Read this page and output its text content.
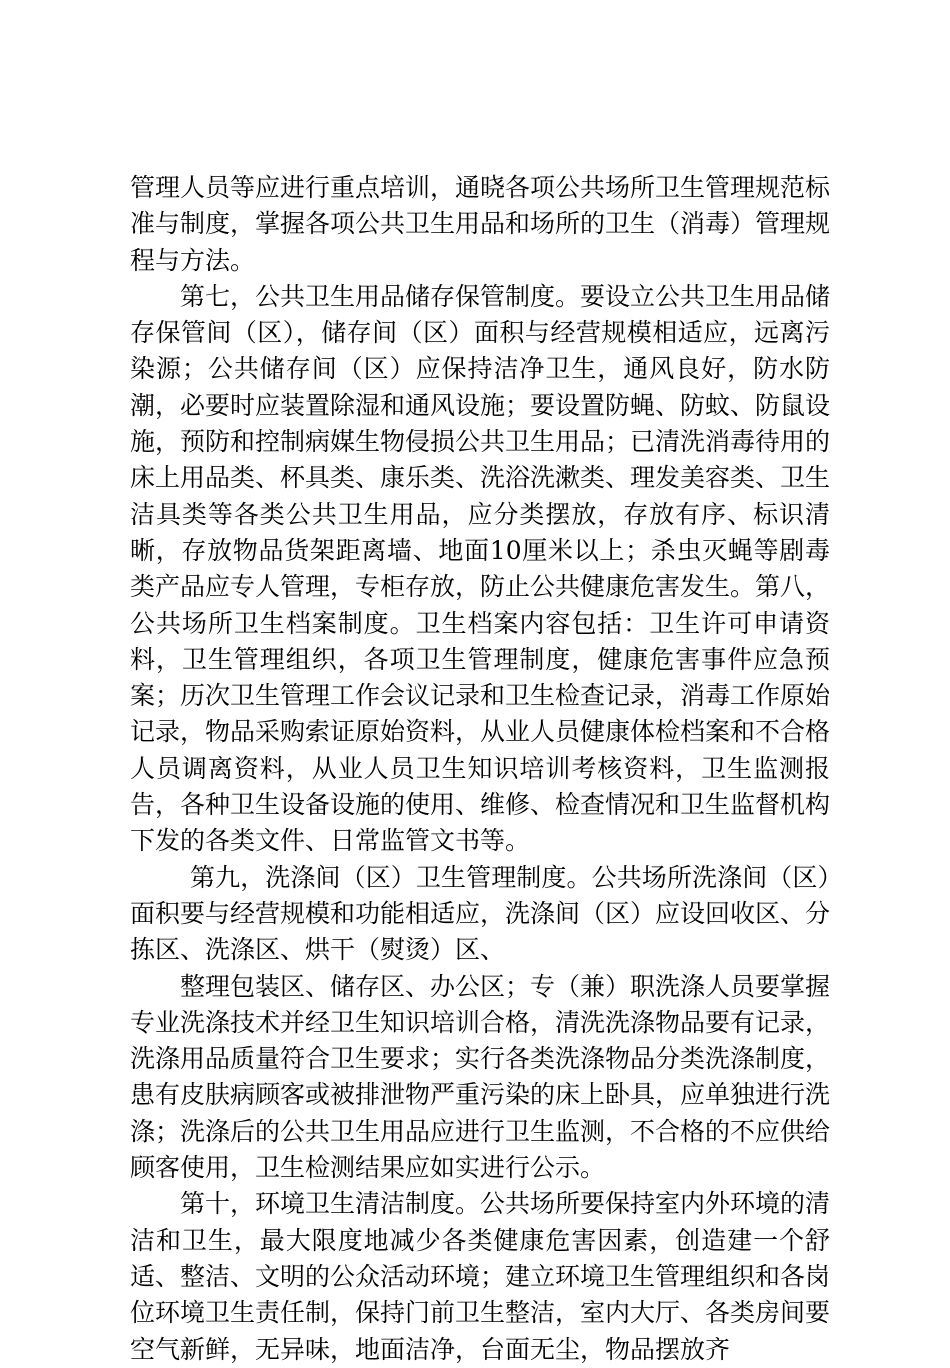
管理人员等应进行重点培训，通晓各项公共场所卫生管理规范标准与制度，掌握各项公共卫生用品和场所的卫生（消毒）管理规程与方法。

第七，公共卫生用品储存保管制度。要设立公共卫生用品储存保管间（区），储存间（区）面积与经营规模相适应，远离污染源；公共储存间（区）应保持洁净卫生，通风良好，防水防潮，必要时应装置除湿和通风设施；要设置防蝇、防蚊、防鼠设施，预防和控制病媒生物侵损公共卫生用品；已清洗消毒待用的床上用品类、杯具类、康乐类、洗浴洗漱类、理发美容类、卫生洁具类等各类公共卫生用品，应分类摆放，存放有序、标识清晰，存放物品货架距离墙、地面10厘米以上；杀虫灭蝇等剧毒类产品应专人管理，专柜存放，防止公共健康危害发生。第八，公共场所卫生档案制度。卫生档案内容包括：卫生许可申请资料，卫生管理组织，各项卫生管理制度，健康危害事件应急预案；历次卫生管理工作会议记录和卫生检查记录，消毒工作原始记录，物品采购索证原始资料，从业人员健康体检档案和不合格人员调离资料，从业人员卫生知识培训考核资料，卫生监测报告，各种卫生设备设施的使用、维修、检查情况和卫生监督机构下发的各类文件、日常监管文书等。

第九，洗涤间（区）卫生管理制度。公共场所洗涤间（区）面积要与经营规模和功能相适应，洗涤间（区）应设回收区、分拣区、洗涤区、烘干（熨烫）区、

整理包装区、储存区、办公区；专（兼）职洗涤人员要掌握专业洗涤技术并经卫生知识培训合格，清洗洗涤物品要有记录，洗涤用品质量符合卫生要求；实行各类洗涤物品分类洗涤制度，患有皮肤病顾客或被排泄物严重污染的床上卧具，应单独进行洗涤；洗涤后的公共卫生用品应进行卫生监测，不合格的不应供给顾客使用，卫生检测结果应如实进行公示。

第十，环境卫生清洁制度。公共场所要保持室内外环境的清洁和卫生，最大限度地减少各类健康危害因素，创造建一个舒适、整洁、文明的公众活动环境；建立环境卫生管理组织和各岗位环境卫生责任制，保持门前卫生整洁，室内大厅、各类房间要空气新鲜，无异味，地面洁净，台面无尘，物品摆放齐
